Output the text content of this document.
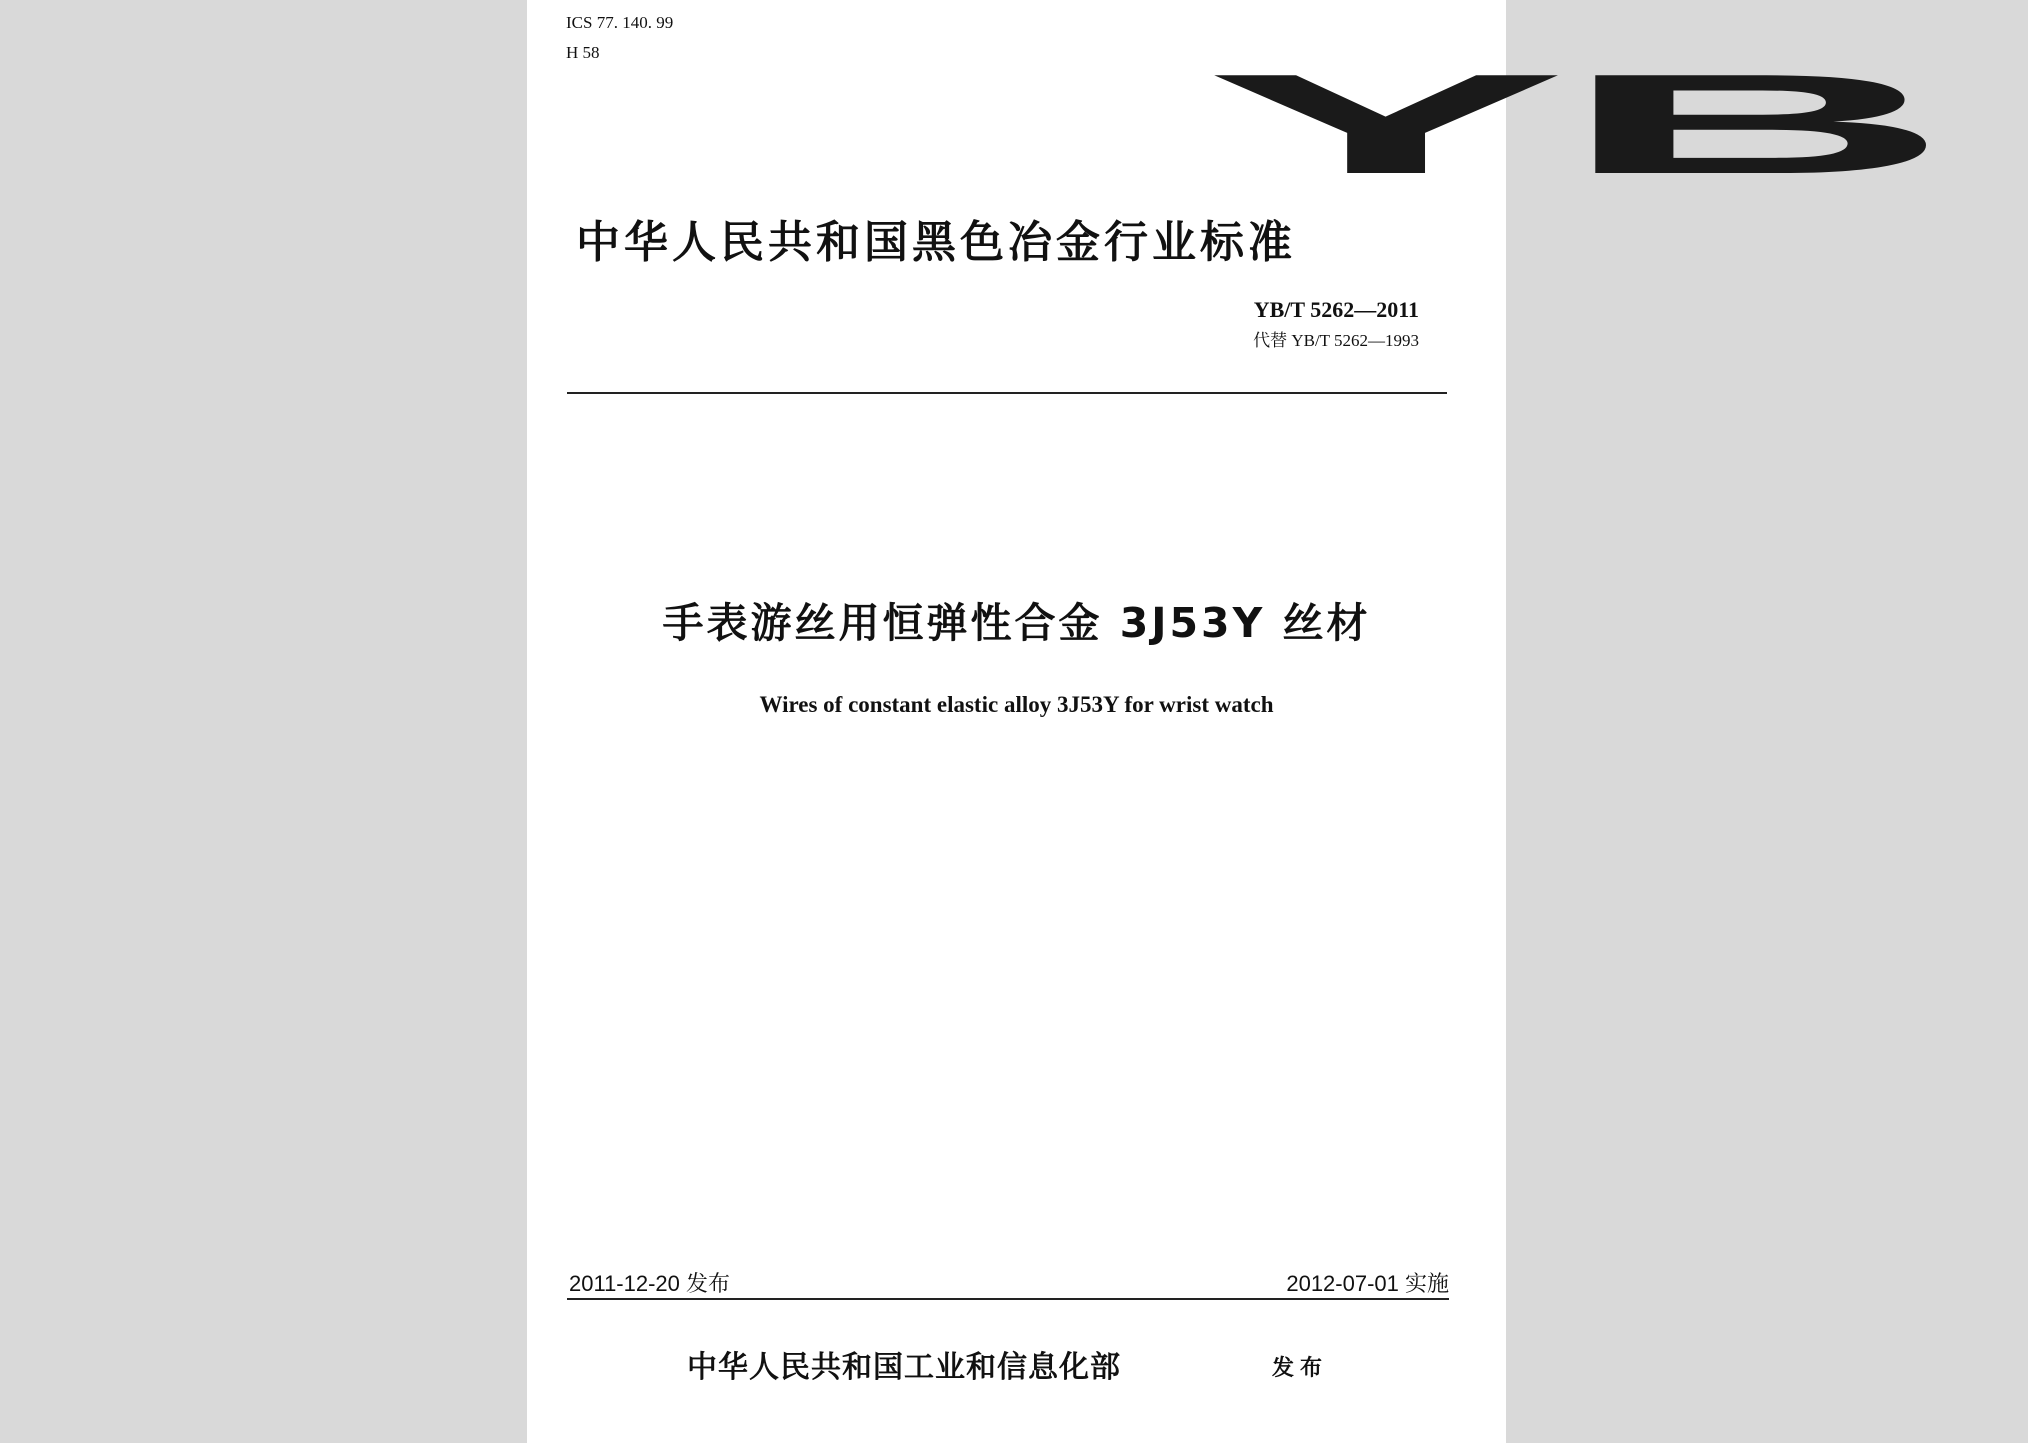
ICS 77. 140. 99
H 58	YB
中华人民共和国黑色冶金行业标准
YB/T 5262—2011
代替 YB/T 5262—1993
手表游丝用恒弹性合金 3J53Y 丝材
Wires of constant elastic alloy 3J53Y for wrist watch
2011-12-20 发布	2012-07-01 实施
中华人民共和国工业和信息化部	发布
